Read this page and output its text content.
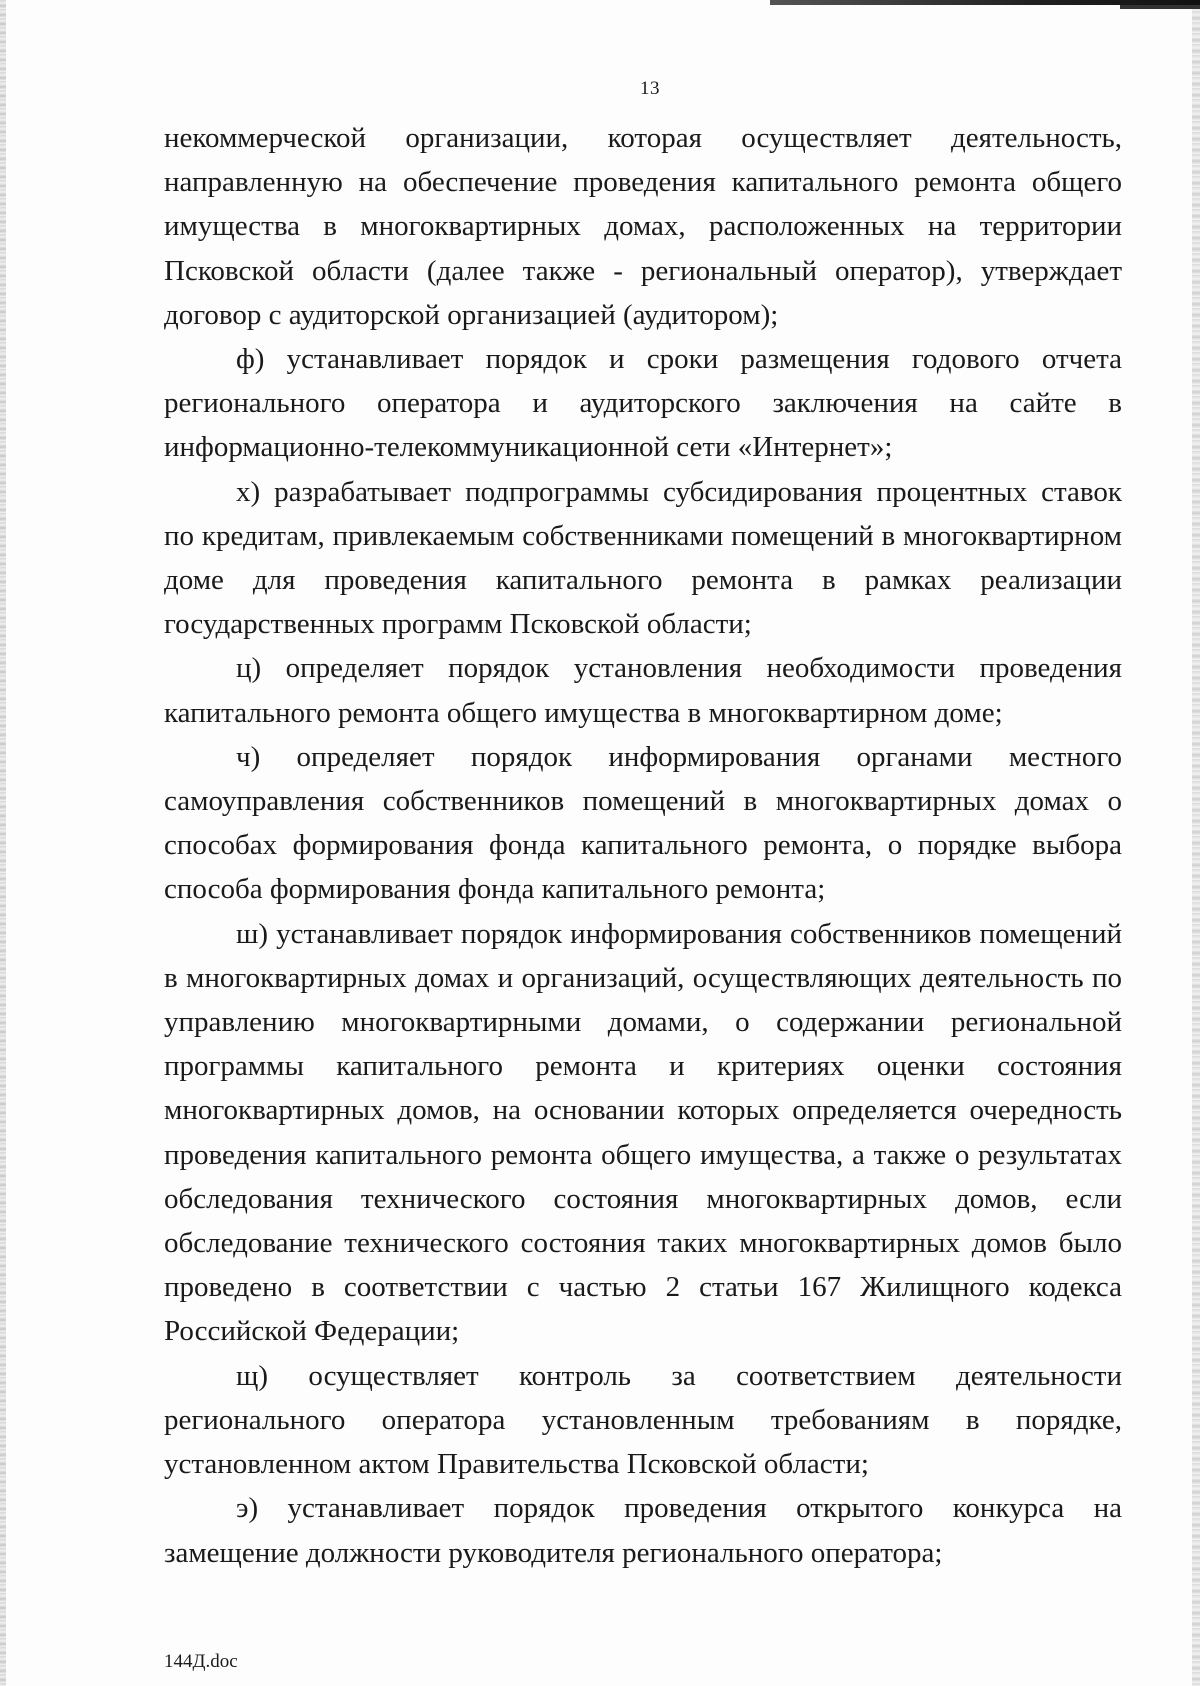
13

некоммерческой организации, которая осуществляет деятельность, направленную на обеспечение проведения капитального ремонта общего имущества в многоквартирных домах, расположенных на территории Псковской области (далее также - региональный оператор), утверждает договор с аудиторской организацией (аудитором);

ф) устанавливает порядок и сроки размещения годового отчета регионального оператора и аудиторского заключения на сайте в информационно-телекоммуникационной сети «Интернет»;

х) разрабатывает подпрограммы субсидирования процентных ставок по кредитам, привлекаемым собственниками помещений в многоквартирном доме для проведения капитального ремонта в рамках реализации государственных программ Псковской области;

ц) определяет порядок установления необходимости проведения капитального ремонта общего имущества в многоквартирном доме;

ч) определяет порядок информирования органами местного самоуправления собственников помещений в многоквартирных домах о способах формирования фонда капитального ремонта, о порядке выбора способа формирования фонда капитального ремонта;

ш) устанавливает порядок информирования собственников помещений в многоквартирных домах и организаций, осуществляющих деятельность по управлению многоквартирными домами, о содержании региональной программы капитального ремонта и критериях оценки состояния многоквартирных домов, на основании которых определяется очередность проведения капитального ремонта общего имущества, а также о результатах обследования технического состояния многоквартирных домов, если обследование технического состояния таких многоквартирных домов было проведено в соответствии с частью 2 статьи 167 Жилищного кодекса Российской Федерации;

щ) осуществляет контроль за соответствием деятельности регионального оператора установленным требованиям в порядке, установленном актом Правительства Псковской области;

э) устанавливает порядок проведения открытого конкурса на замещение должности руководителя регионального оператора;

144Д.doc
